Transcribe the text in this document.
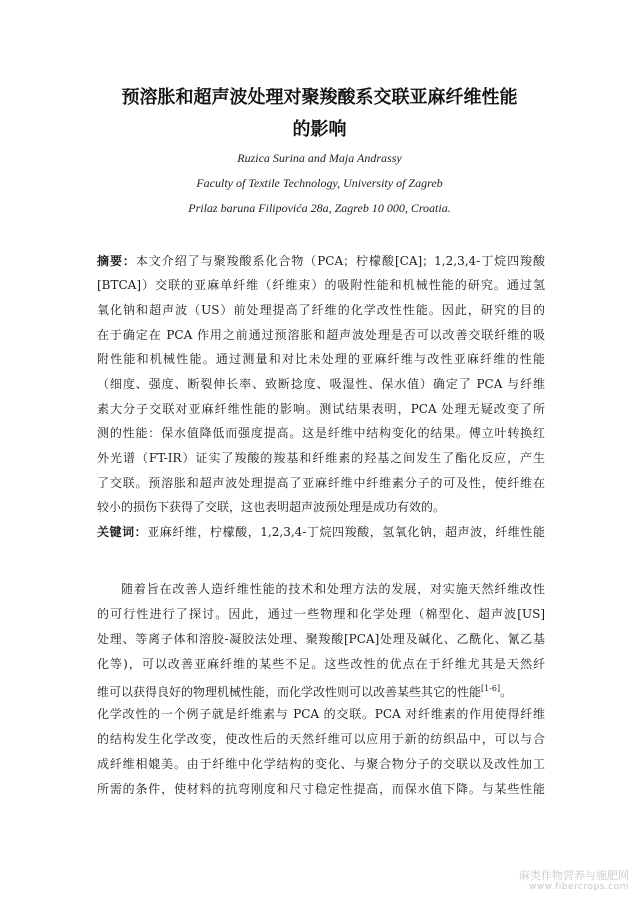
预溶胀和超声波处理对聚羧酸系交联亚麻纤维性能
的影响
Ruzica Surina and Maja Andrassy
Faculty of Textile Technology, University of Zagreb
Prilaz baruna Filipovića 28a, Zagreb 10 000, Croatia.
摘要：本文介绍了与聚羧酸系化合物（PCA；柠檬酸[CA]；1,2,3,4-丁烷四羧酸
[BTCA]）交联的亚麻单纤维（纤维束）的吸附性能和机械性能的研究。通过氢
氧化钠和超声波（US）前处理提高了纤维的化学改性性能。因此，研究的目的
在于确定在 PCA 作用之前通过预溶胀和超声波处理是否可以改善交联纤维的吸
附性能和机械性能。通过测量和对比未处理的亚麻纤维与改性亚麻纤维的性能
（细度、强度、断裂伸长率、致断捻度、吸湿性、保水值）确定了 PCA 与纤维
素大分子交联对亚麻纤维性能的影响。测试结果表明，PCA 处理无疑改变了所
测的性能：保水值降低而强度提高。这是纤维中结构变化的结果。傅立叶转换红
外光谱（FT-IR）证实了羧酸的羧基和纤维素的羟基之间发生了酯化反应，产生
了交联。预溶胀和超声波处理提高了亚麻纤维中纤维素分子的可及性，使纤维在
较小的损伤下获得了交联，这也表明超声波预处理是成功有效的。
关键词：亚麻纤维，柠檬酸，1,2,3,4-丁烷四羧酸，氢氧化钠，超声波，纤维性能
随着旨在改善人造纤维性能的技术和处理方法的发展，对实施天然纤维改性
的可行性进行了探讨。因此，通过一些物理和化学处理（棉型化、超声波[US]
处理、等离子体和溶胶-凝胶法处理、聚羧酸[PCA]处理及碱化、乙酰化、氰乙基
化等)，可以改善亚麻纤维的某些不足。这些改性的优点在于纤维尤其是天然纤
维可以获得良好的物理机械性能，而化学改性则可以改善某些其它的性能[1-6]。
化学改性的一个例子就是纤维素与 PCA 的交联。PCA 对纤维素的作用使得纤维
的结构发生化学改变，使改性后的天然纤维可以应用于新的纺织品中，可以与合
成纤维相媲美。由于纤维中化学结构的变化、与聚合物分子的交联以及改性加工
所需的条件，使材料的抗弯刚度和尺寸稳定性提高，而保水值下降。与某些性能
麻类作物营养与施肥网
www.fibercrops.com
